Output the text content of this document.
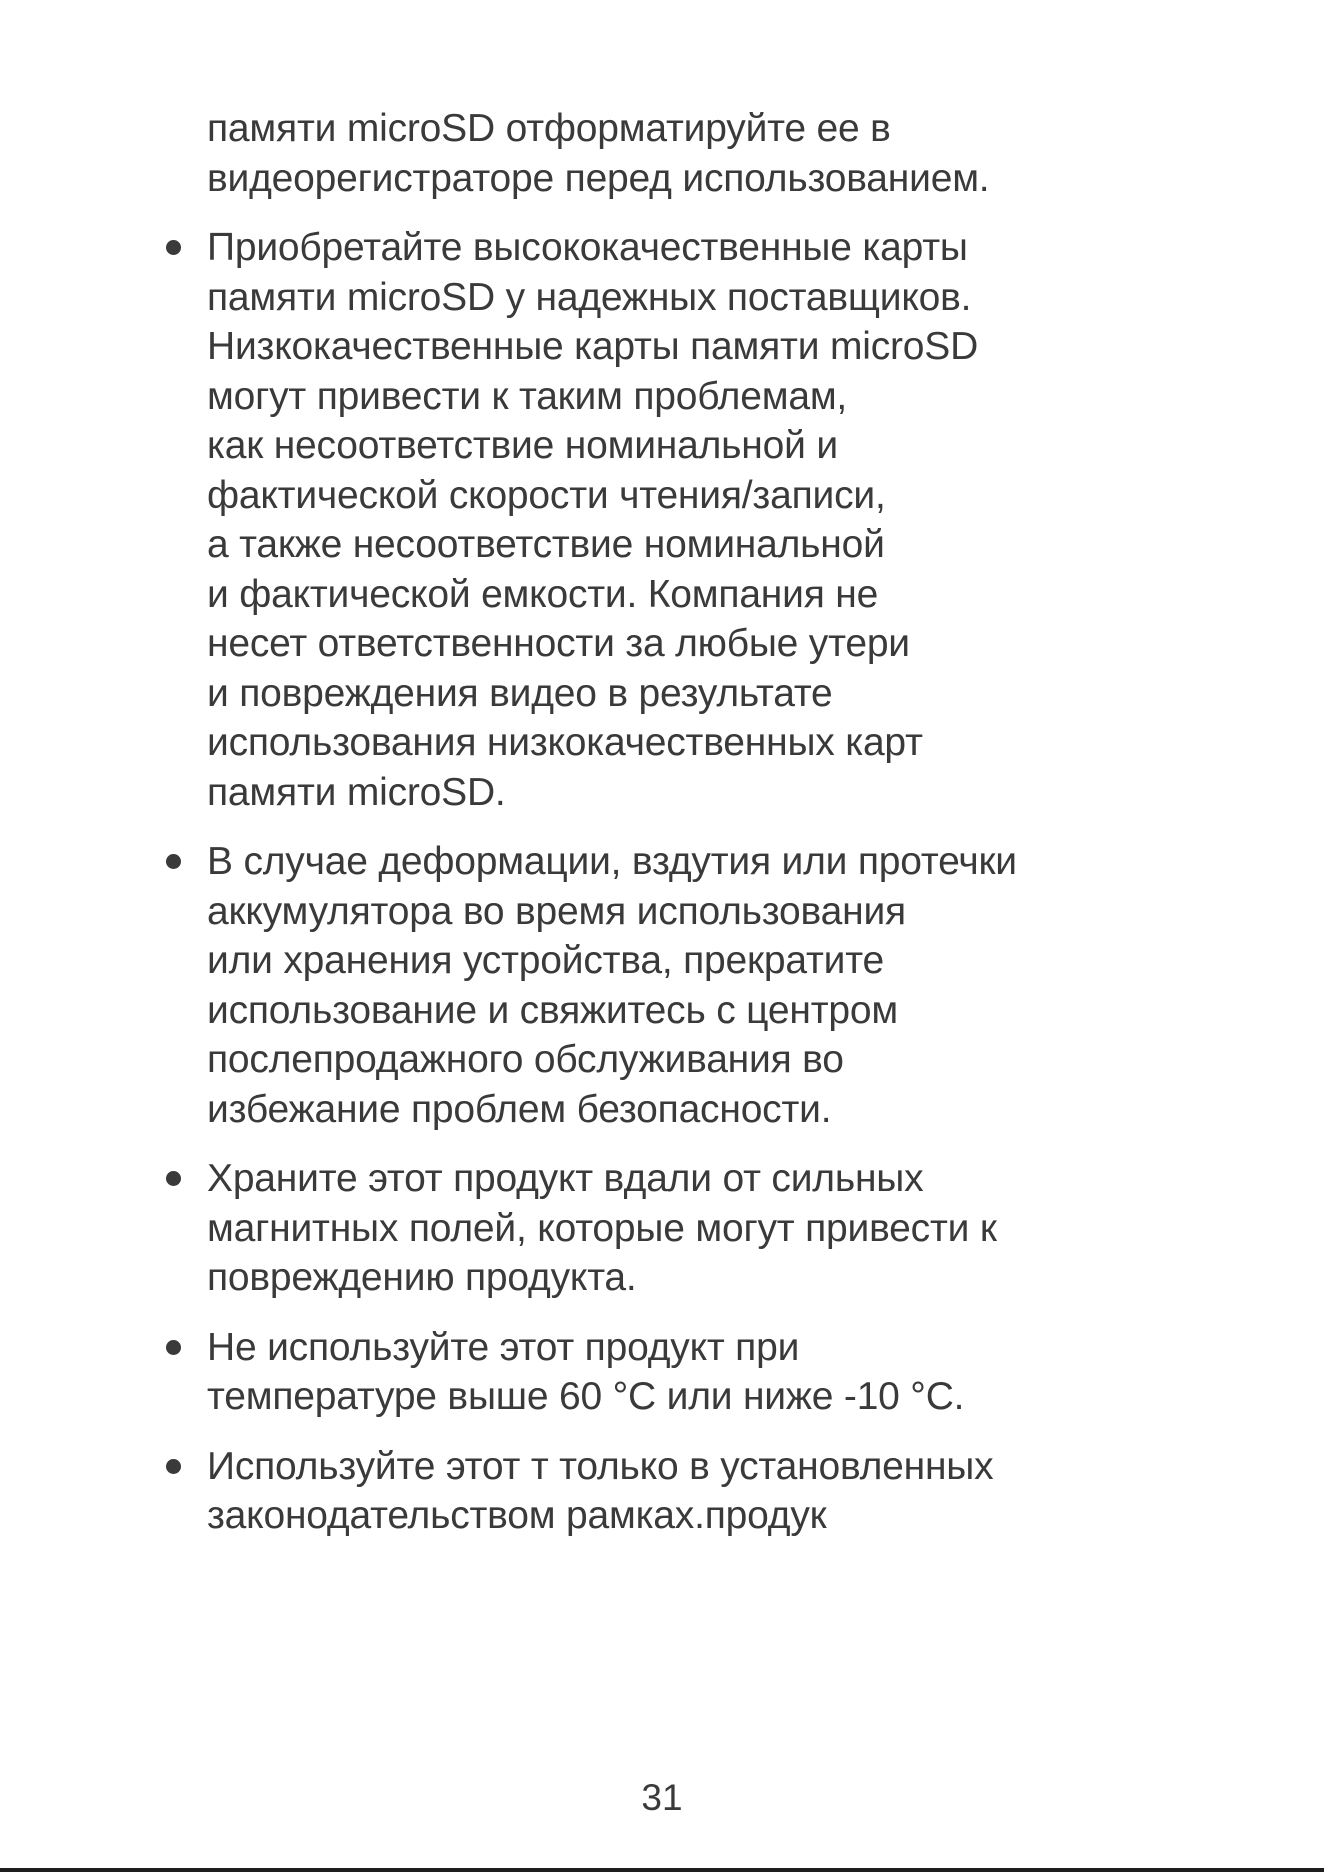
памяти microSD отформатируйте ее в
видеорегистраторе перед использованием.
Приобретайте высококачественные карты
памяти microSD у надежных поставщиков.
Низкокачественные карты памяти microSD
могут привести к таким проблемам,
как несоответствие номинальной и
фактической скорости чтения/записи,
а также несоответствие номинальной
и фактической емкости. Компания не
несет ответственности за любые утери
и повреждения видео в результате
использования низкокачественных карт
памяти microSD.
В случае деформации, вздутия или протечки
аккумулятора во время использования
или хранения устройства, прекратите
использование и свяжитесь с центром
послепродажного обслуживания во
избежание проблем безопасности.
Храните этот продукт вдали от сильных
магнитных полей, которые могут привести к
повреждению продукта.
Не используйте этот продукт при
температуре выше 60 °C или ниже -10 °C.
Используйте этот т только в установленных
законодательством рамках.продук
31
